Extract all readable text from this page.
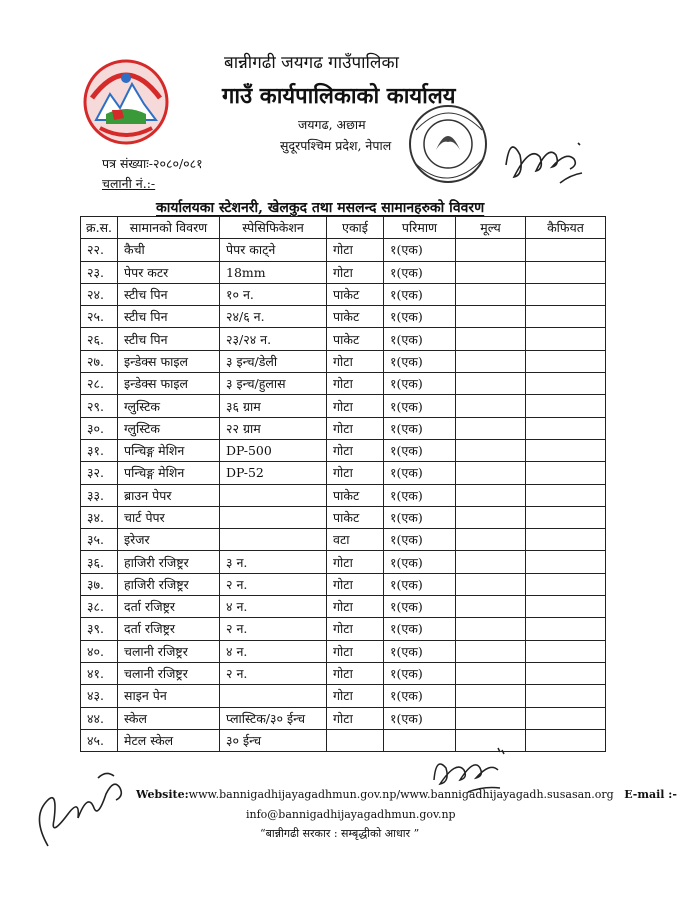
बान्नीगढी जयगढ गाउँपालिका
गाउँ कार्यपालिकाको कार्यालय
जयगढ, अछाम
सुदूरपश्चिम प्रदेश, नेपाल
पत्र संख्याः-२०८०/०८१
चलानी नं.:-
कार्यालयका स्टेशनरी, खेलकुद तथा मसलन्द सामानहरुको विवरण
क्र.स.	सामानको विवरण	स्पेसिफिकेशन	एकाई	परिमाण	मूल्य	कैफियत
२२.	कैची	पेपर काट्ने	गोटा	१(एक)		
२३.	पेपर कटर	18mm	गोटा	१(एक)		
२४.	स्टीच पिन	१० न.	पाकेट	१(एक)		
२५.	स्टीच पिन	२४/६ न.	पाकेट	१(एक)		
२६.	स्टीच पिन	२३/२४ न.	पाकेट	१(एक)		
२७.	इन्डेक्स फाइल	३ इन्च/डेली	गोटा	१(एक)		
२८.	इन्डेक्स फाइल	३ इन्च/हुलास	गोटा	१(एक)		
२९.	ग्लुस्टिक	३६ ग्राम	गोटा	१(एक)		
३०.	ग्लुस्टिक	२२ ग्राम	गोटा	१(एक)		
३१.	पन्चिङ्ग मेशिन	DP-500	गोटा	१(एक)		
३२.	पन्चिङ्ग मेशिन	DP-52	गोटा	१(एक)		
३३.	ब्राउन पेपर		पाकेट	१(एक)		
३४.	चार्ट पेपर		पाकेट	१(एक)		
३५.	इरेजर		वटा	१(एक)		
३६.	हाजिरी रजिष्ट्रर	३ न.	गोटा	१(एक)		
३७.	हाजिरी रजिष्ट्रर	२ न.	गोटा	१(एक)		
३८.	दर्ता रजिष्ट्रर	४ न.	गोटा	१(एक)		
३९.	दर्ता रजिष्ट्रर	२ न.	गोटा	१(एक)		
४०.	चलानी रजिष्ट्रर	४ न.	गोटा	१(एक)		
४१.	चलानी रजिष्ट्रर	२ न.	गोटा	१(एक)		
४३.	साइन पेन		गोटा	१(एक)		
४४.	स्केल	प्लास्टिक/३० ईन्च	गोटा	१(एक)		
४५.	मेटल स्केल	३० ईन्च				
Website:www.bannigadhijayagadhmun.gov.np/www.bannigadhijayagadh.susasan.org E-mail :-
info@bannigadhijayagadhmun.gov.np
“बान्नीगढी सरकार : सम्बृद्धीको आधार ”
